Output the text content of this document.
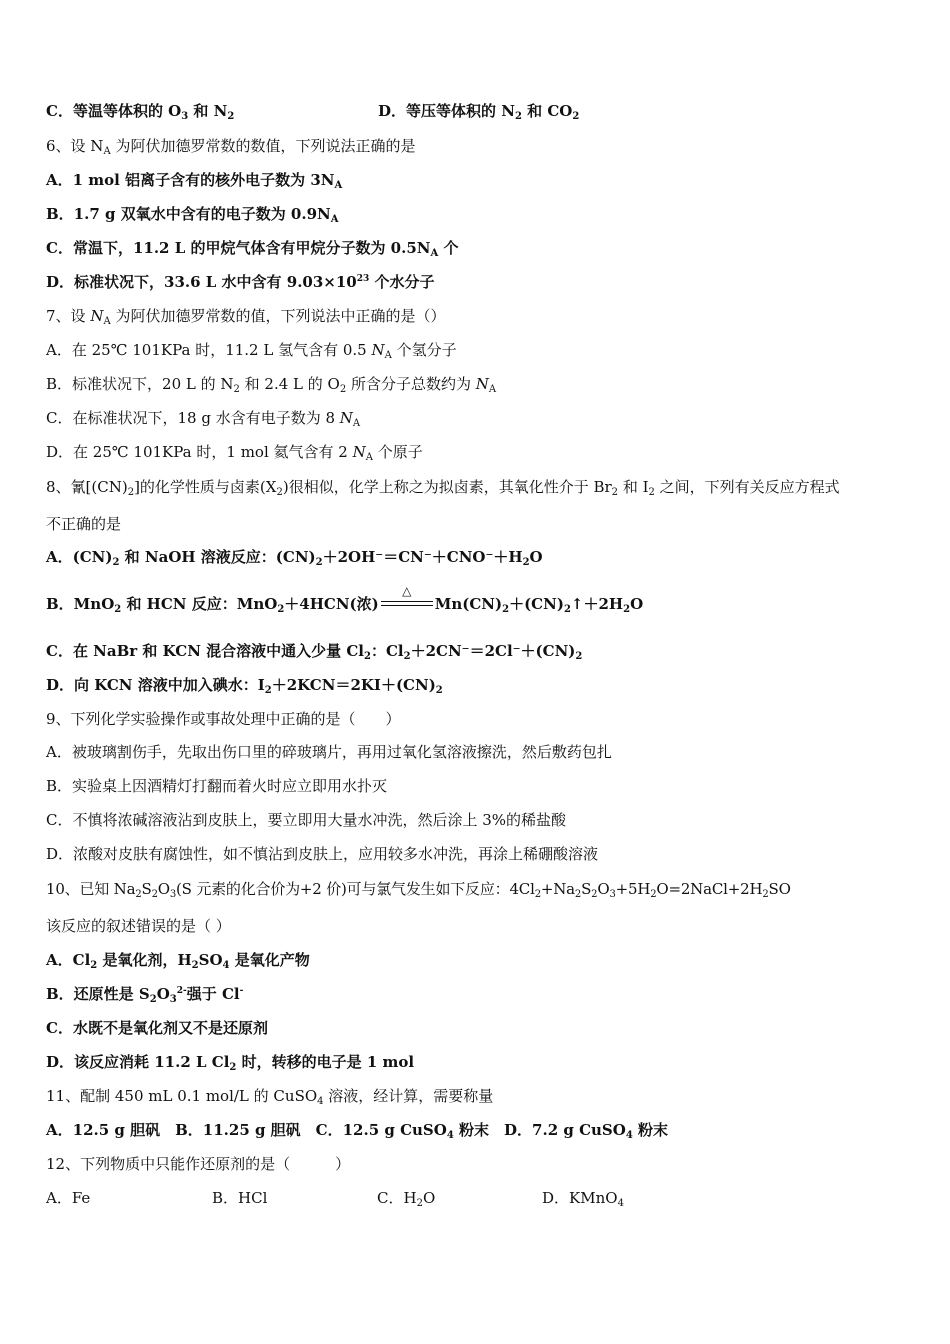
C．等温等体积的 $O_3$ 和 $N_2$	D．等压等体积的 $N_2$ 和 $CO_2$
6、设 $N_A$ 为阿伏加德罗常数的数值，下列说法正确的是
A．1 mol 铝离子含有的核外电子数为 $3N_A$
B．1.7 g 双氧水中含有的电子数为 $0.9N_A$
C．常温下，11.2 L 的甲烷气体含有甲烷分子数为 $0.5N_A$ 个
D．标准状况下，33.6 L 水中含有 $9.03\times 10^{23}$ 个水分子
7、设 $N_A$ 为阿伏加德罗常数的值，下列说法中正确的是（）
A．在 25℃ 101KPa 时，11.2 L 氢气含有 0.5 $N_A$ 个氢分子
B．标准状况下，20 L 的 $N_2$ 和 2.4 L 的 $O_2$ 所含分子总数约为 $N_A$
C．在标准状况下，18 g 水含有电子数为 8 $N_A$
D．在 25℃ 101KPa 时，1 mol 氦气含有 2 $N_A$ 个原子
8、氰$[(CN)_2]$的化学性质与卤素$(X_2)$很相似，化学上称之为拟卤素，其氧化性介于 $Br_2$ 和 $I_2$ 之间，下列有关反应方程式
不正确的是
A．$(CN)_2$ 和 NaOH 溶液反应：$(CN)_2+2OH^-=CN^-+CNO^-+H_2O$
B．MnO$_2$ 和 HCN 反应：MnO$_2$＋4HCN(浓)
△
$Mn(CN)_2+(CN)_2↑+2H_2O$
C．在 NaBr 和 KCN 混合溶液中通入少量 $Cl_2$：$Cl_2+2CN^-=2Cl^-+(CN)_2$
D．向 KCN 溶液中加入碘水：$I_2+2KCN=2KI+(CN)_2$
9、下列化学实验操作或事故处理中正确的是（　　）
A．被玻璃割伤手，先取出伤口里的碎玻璃片，再用过氧化氢溶液擦洗，然后敷药包扎
B．实验桌上因酒精灯打翻而着火时应立即用水扑灭
C．不慎将浓碱溶液沾到皮肤上，要立即用大量水冲洗，然后涂上 3%的稀盐酸
D．浓酸对皮肤有腐蚀性，如不慎沾到皮肤上，应用较多水冲洗，再涂上稀硼酸溶液
10、已知 $Na_2S_2O_3(S$ 元素的化合价为+2 价)可与氯气发生如下反应：$4Cl_2+Na_2S_2O_3+5H_2O=2NaCl+2H_2SO$
该反应的叙述错误的是（ ）
A．$Cl_2$ 是氧化剂，$H_2SO_4$ 是氧化产物
B．还原性是 $S_2O_3^{2-}$强于 Cl-
C．水既不是氧化剂又不是还原剂
D．该反应消耗 11.2 L $Cl_2$ 时，转移的电子是 1 mol
11、配制 450 mL 0.1 mol/L 的 CuSO$_4$ 溶液，经计算，需要称量
A．12.5 g 胆矾　B．11.25 g 胆矾　C．12.5 g CuSO$_4$ 粉末　D．7.2 g CuSO$_4$ 粉末
12、下列物质中只能作还原剂的是（　　　）
A．Fe	B．HCl	C．$H_2O$	D．KMnO$_4$
